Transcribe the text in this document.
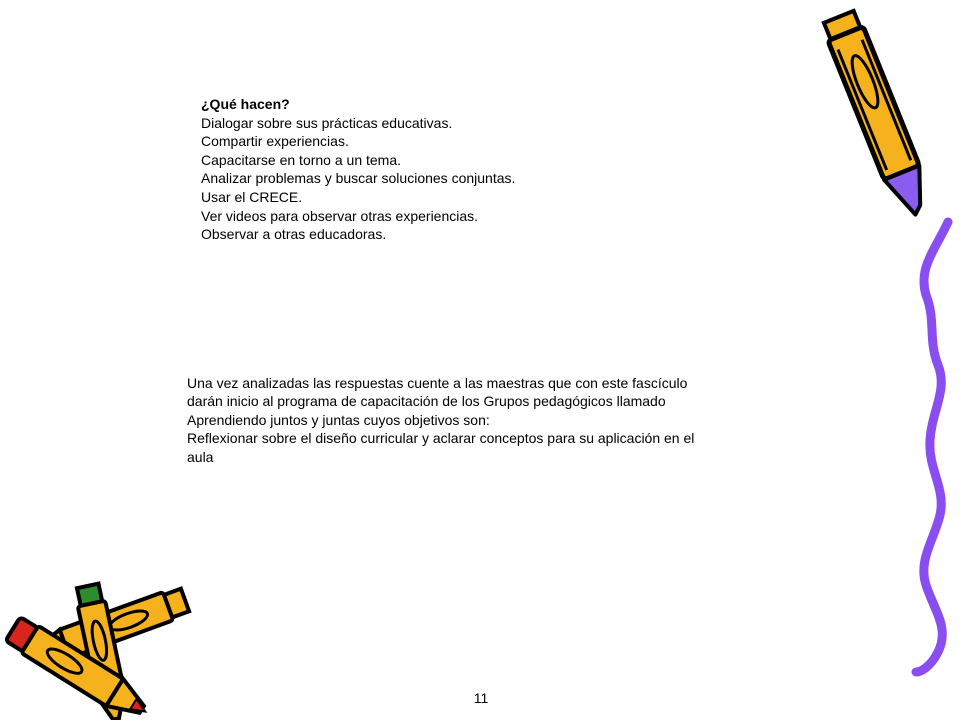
¿Qué hacen?
Dialogar sobre sus prácticas educativas.
Compartir experiencias.
Capacitarse en torno a un tema.
Analizar problemas y buscar soluciones conjuntas.
Usar el CRECE.
Ver videos para observar otras experiencias.
Observar a otras educadoras.
Una vez analizadas las respuestas cuente a las maestras que con este fascículo
darán inicio al programa de capacitación de los Grupos pedagógicos llamado
Aprendiendo juntos y juntas cuyos objetivos son:
Reflexionar sobre el diseño curricular y aclarar conceptos para su aplicación en el
aula
11
